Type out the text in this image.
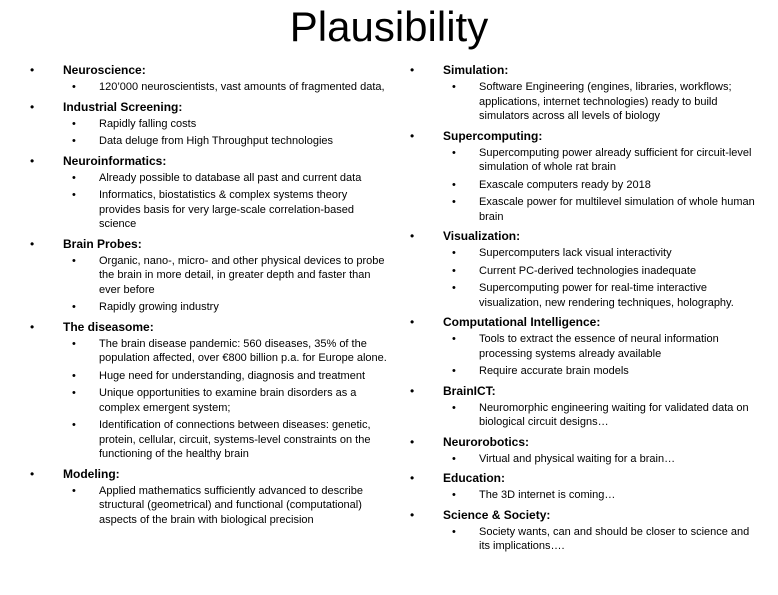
Plausibility
• Neuroscience:
• 120’000 neuroscientists, vast amounts of fragmented data,
• Industrial Screening:
• Rapidly falling costs
• Data deluge from High Throughput technologies
• Neuroinformatics:
• Already possible to database all past and current data
• Informatics, biostatistics & complex systems theory provides basis for very large-scale correlation-based science
• Brain Probes:
• Organic, nano-, micro- and other physical devices to probe the brain in more detail, in greater depth and faster than ever before
• Rapidly growing industry
• The diseasome:
• The brain disease pandemic: 560 diseases, 35% of the population affected, over €800 billion p.a. for Europe alone.
• Huge need for understanding, diagnosis and treatment
• Unique opportunities to examine brain disorders as a complex emergent system;
• Identification of connections between diseases: genetic, protein, cellular, circuit, systems-level constraints on the functioning of the healthy brain
• Modeling:
• Applied mathematics sufficiently advanced to describe structural (geometrical) and functional (computational) aspects of the brain with biological precision
• Simulation:
• Software Engineering (engines, libraries, workflows; applications, internet technologies) ready to build simulators across all levels of biology
• Supercomputing:
• Supercomputing power already sufficient for circuit-level simulation of whole rat brain
• Exascale computers ready by 2018
• Exascale power for multilevel simulation of whole human brain
• Visualization:
• Supercomputers lack visual interactivity
• Current PC-derived technologies inadequate
• Supercomputing power for real-time interactive visualization, new rendering techniques, holography.
• Computational Intelligence:
• Tools to extract the essence of neural information processing systems already available
• Require accurate brain models
• BrainICT:
• Neuromorphic engineering waiting for validated data on biological circuit designs…
• Neurorobotics:
• Virtual and physical waiting for a brain…
• Education:
• The 3D internet is coming…
• Science & Society:
• Society wants, can and should be closer to science and its implications….
